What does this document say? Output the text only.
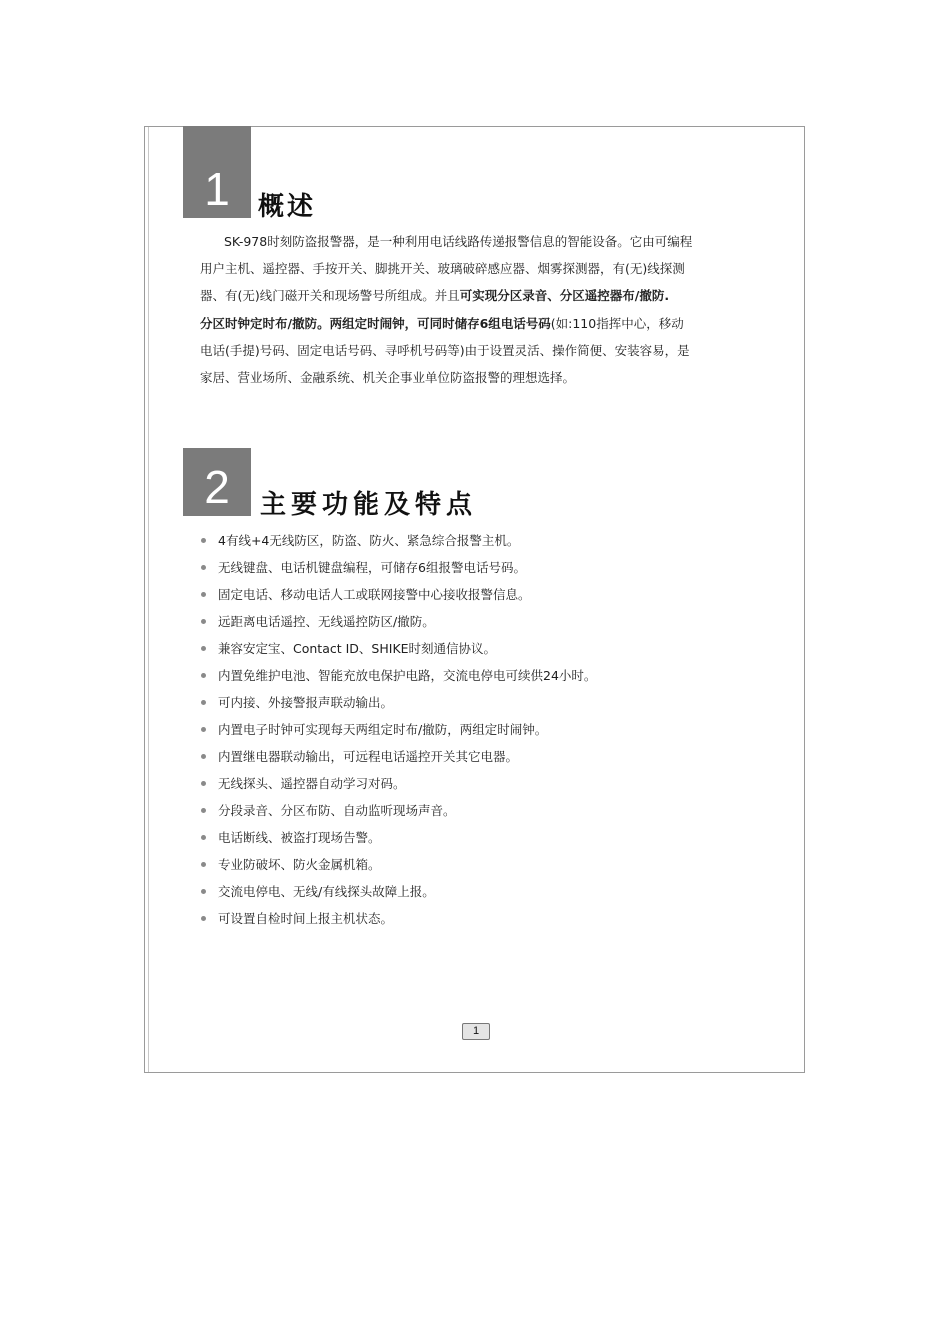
1	概述
SK-978时刻防盗报警器，是一种利用电话线路传递报警信息的智能设备。它由可编程
用户主机、遥控器、手按开关、脚挑开关、玻璃破碎感应器、烟雾探测器，有(无)线探测
器、有(无)线门磁开关和现场警号所组成。并且可实现分区录音、分区遥控器布/撤防.
分区时钟定时布/撤防。两组定时闹钟，可同时储存6组电话号码(如:110指挥中心，移动
电话(手提)号码、固定电话号码、寻呼机号码等)由于设置灵活、操作简便、安装容易，是
家居、营业场所、金融系统、机关企事业单位防盗报警的理想选择。
2	主要功能及特点
4有线+4无线防区，防盗、防火、紧急综合报警主机。
无线键盘、电话机键盘编程，可储存6组报警电话号码。
固定电话、移动电话人工或联网接警中心接收报警信息。
远距离电话遥控、无线遥控防区/撤防。
兼容安定宝、Contact ID、SHIKE时刻通信协议。
内置免维护电池、智能充放电保护电路，交流电停电可续供24小时。
可内接、外接警报声联动输出。
内置电子时钟可实现每天两组定时布/撤防，两组定时闹钟。
内置继电器联动输出，可远程电话遥控开关其它电器。
无线探头、遥控器自动学习对码。
分段录音、分区布防、自动监听现场声音。
电话断线、被盗打现场告警。
专业防破坏、防火金属机箱。
交流电停电、无线/有线探头故障上报。
可设置自检时间上报主机状态。
1
